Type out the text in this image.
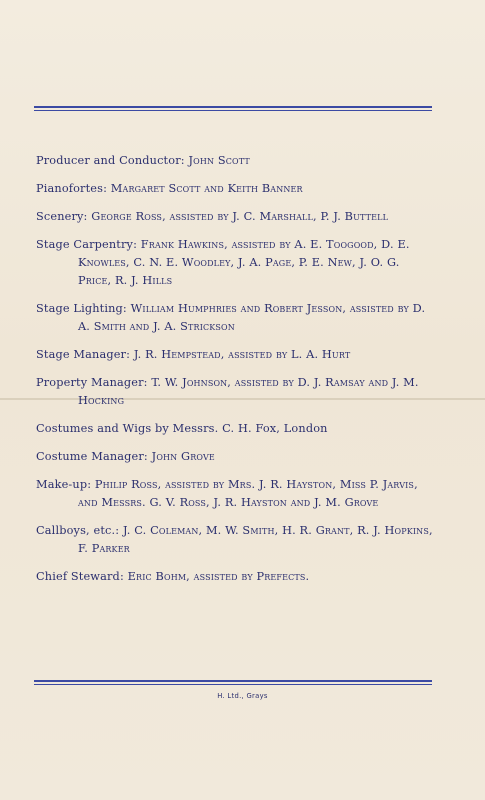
Producer and Conductor: John Scott
Pianofortes: Margaret Scott and Keith Banner
Scenery: George Ross, assisted by J. C. Marshall, P. J. Buttell
Stage Carpentry: Frank Hawkins, assisted by A. E. Toogood, D. E. Knowles, C. N. E. Woodley, J. A. Page, P. E. New, J. O. G. Price, R. J. Hills
Stage Lighting: William Humphries and Robert Jesson, assisted by D. A. Smith and J. A. Strickson
Stage Manager: J. R. Hempstead, assisted by L. A. Hurt
Property Manager: T. W. Johnson, assisted by D. J. Ramsay and J. M. Hocking
Costumes and Wigs by Messrs. C. H. Fox, London
Costume Manager: John Grove
Make-up: Philip Ross, assisted by Mrs. J. R. Hayston, Miss P. Jarvis, and Messrs. G. V. Ross, J. R. Hayston and J. M. Grove
Callboys, etc.: J. C. Coleman, M. W. Smith, H. R. Grant, R. J. Hopkins, F. Parker
Chief Steward: Eric Bohm, assisted by Prefects.
H. Ltd., Grays
